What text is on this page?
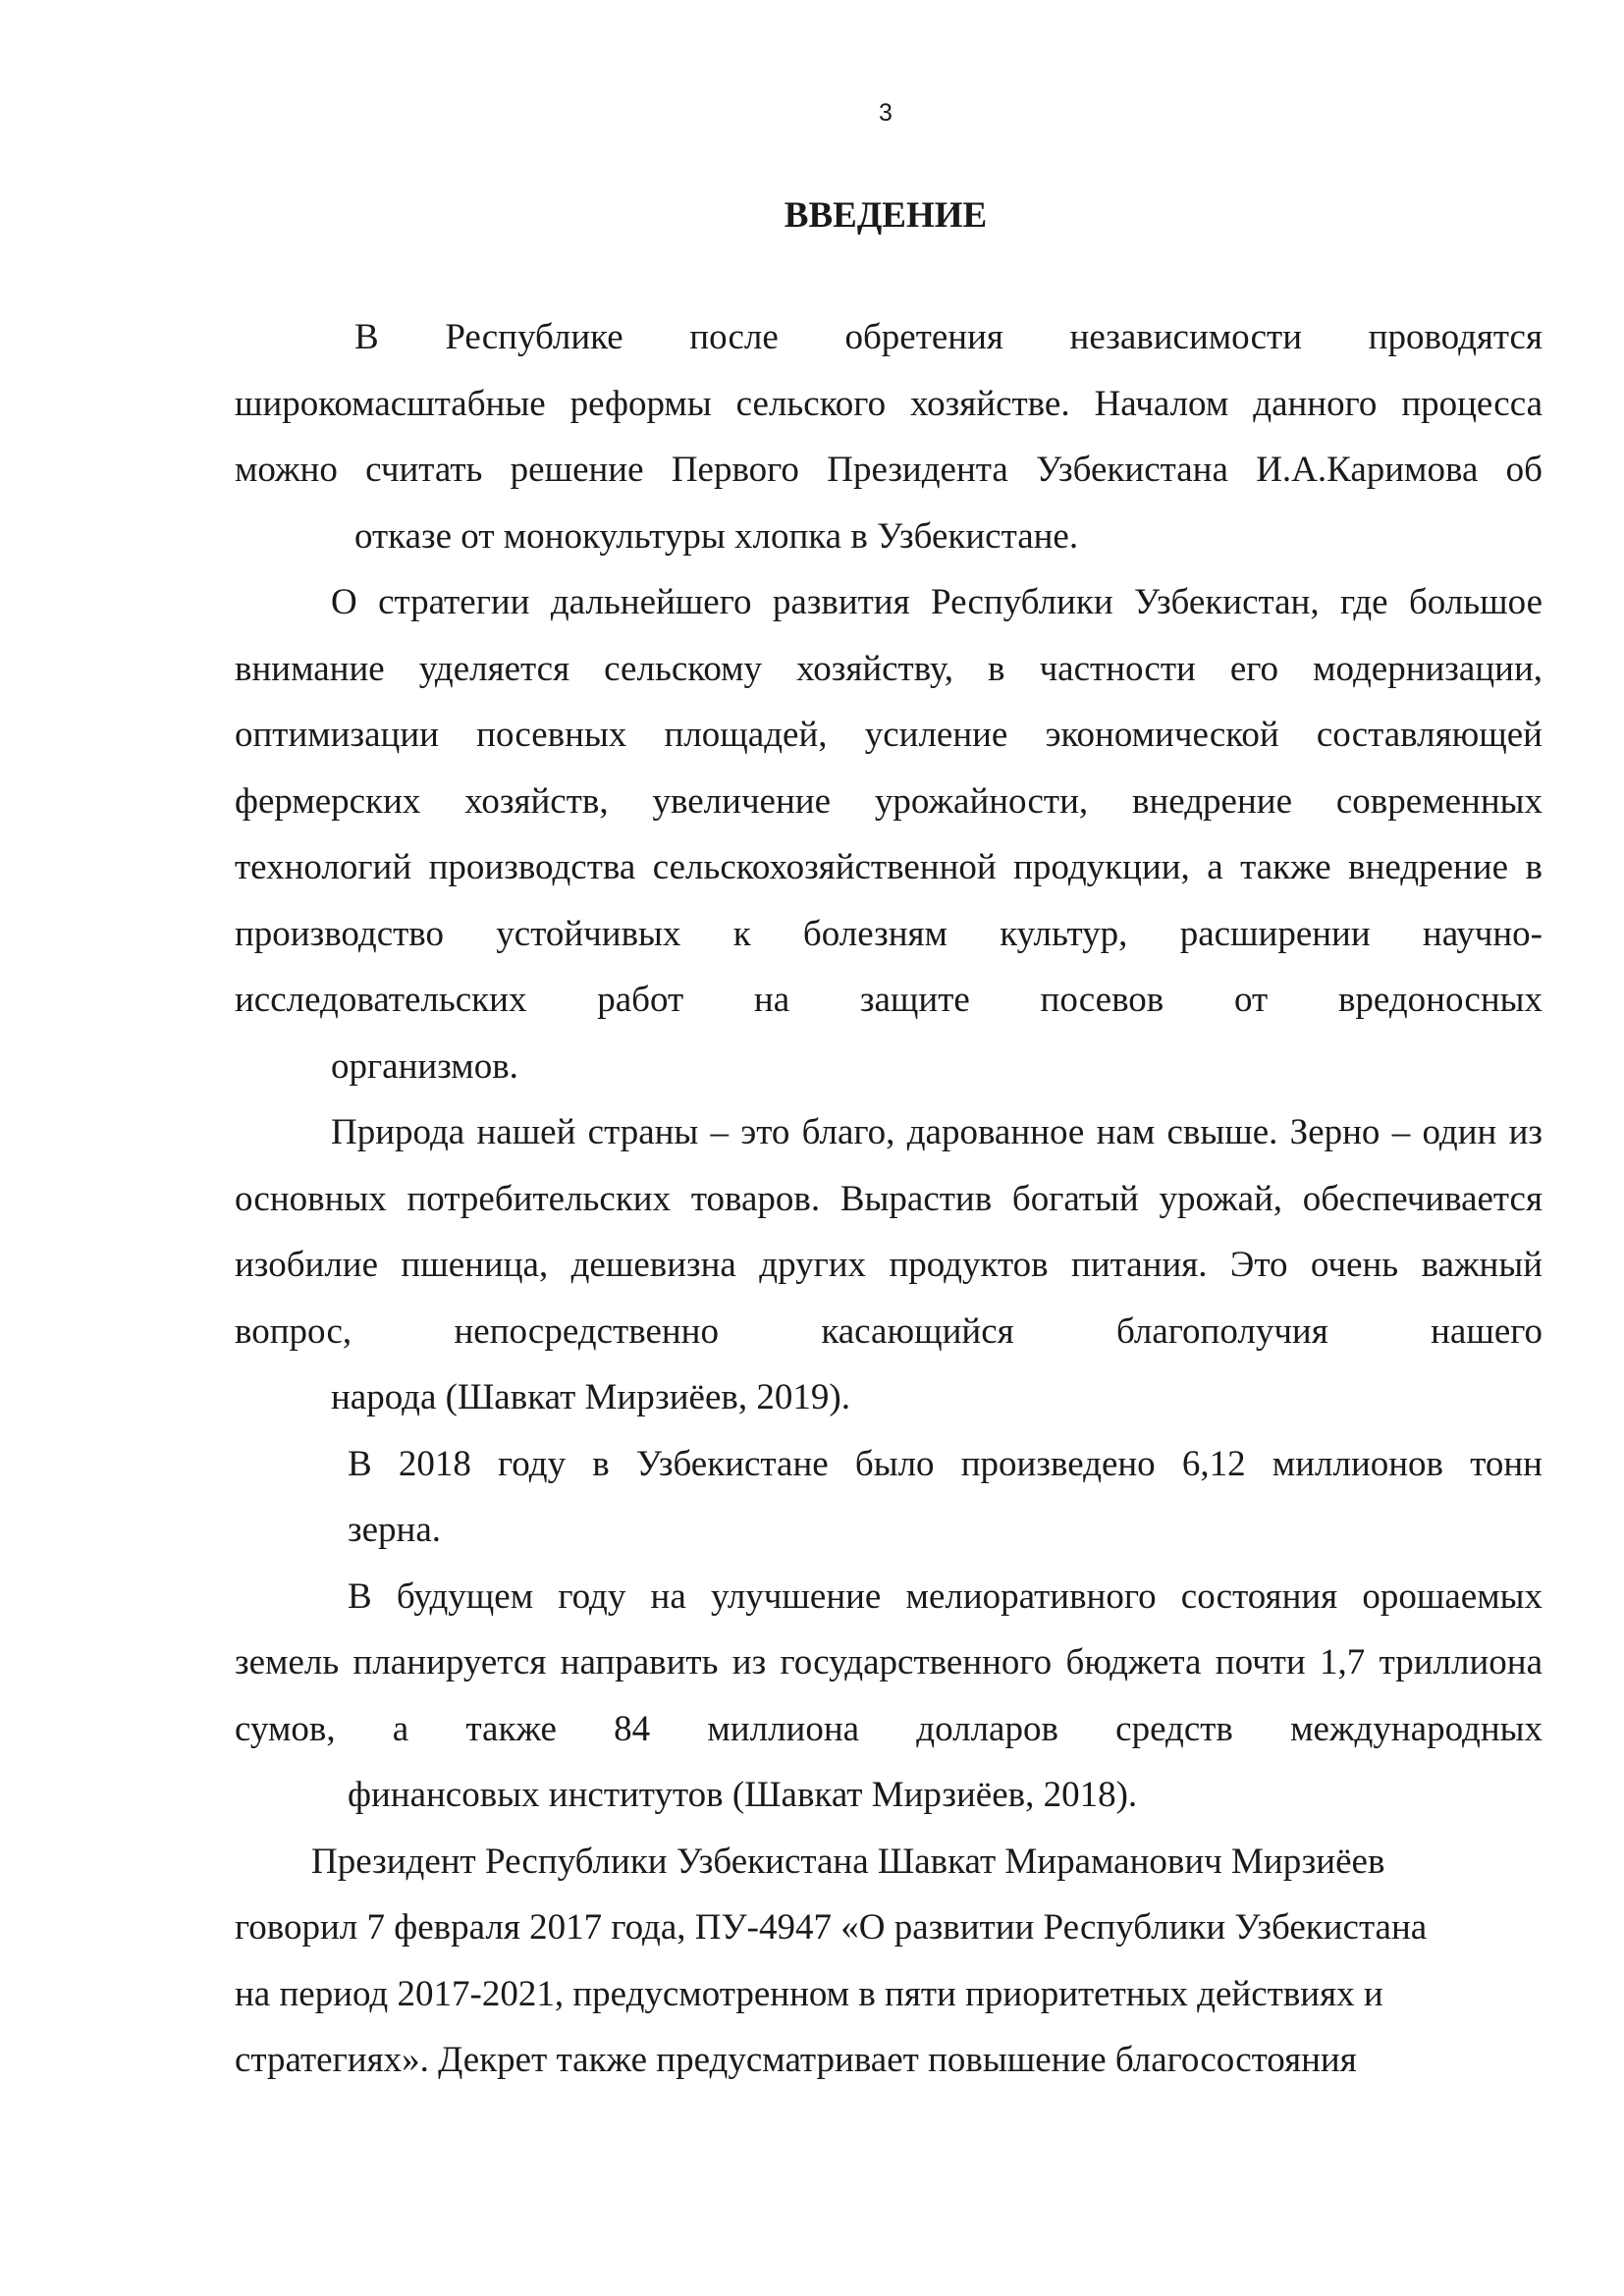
3

ВВЕДЕНИЕ

В Республике после обретения независимости проводятся широкомасштабные реформы сельского хозяйстве. Началом данного процесса можно считать решение Первого Президента Узбекистана И.А.Каримова об
отказе от монокультуры хлопка в Узбекистане.

О стратегии дальнейшего развития Республики Узбекистан, где большое внимание уделяется сельскому хозяйству, в частности его модернизации, оптимизации посевных площадей, усиление экономической составляющей фермерских хозяйств, увеличение урожайности, внедрение современных технологий производства сельскохозяйственной продукции, а также внедрение в производство устойчивых к болезням культур, расширении научно-исследовательских работ на защите посевов от вредоносных
организмов.

Природа нашей страны – это благо, дарованное нам свыше. Зерно – один из основных потребительских товаров. Вырастив богатый урожай, обеспечивается изобилие пшеница, дешевизна других продуктов питания. Это очень важный вопрос, непосредственно касающийся благополучия нашего
народа (Шавкат Мирзиёев, 2019).

В 2018 году в Узбекистане было произведено 6,12 миллионов тонн
зерна.

В будущем году на улучшение мелиоративного состояния орошаемых земель планируется направить из государственного бюджета почти 1,7 триллиона сумов, а также 84 миллиона долларов средств международных
финансовых институтов (Шавкат Мирзиёев, 2018).

Президент Республики Узбекистана Шавкат Мираманович Мирзиёев
говорил 7 февраля 2017 года, ПУ-4947 «О развитии Республики Узбекистана
на период 2017-2021, предусмотренном в пяти приоритетных действиях и
стратегиях». Декрет также предусматривает повышение благосостояния
